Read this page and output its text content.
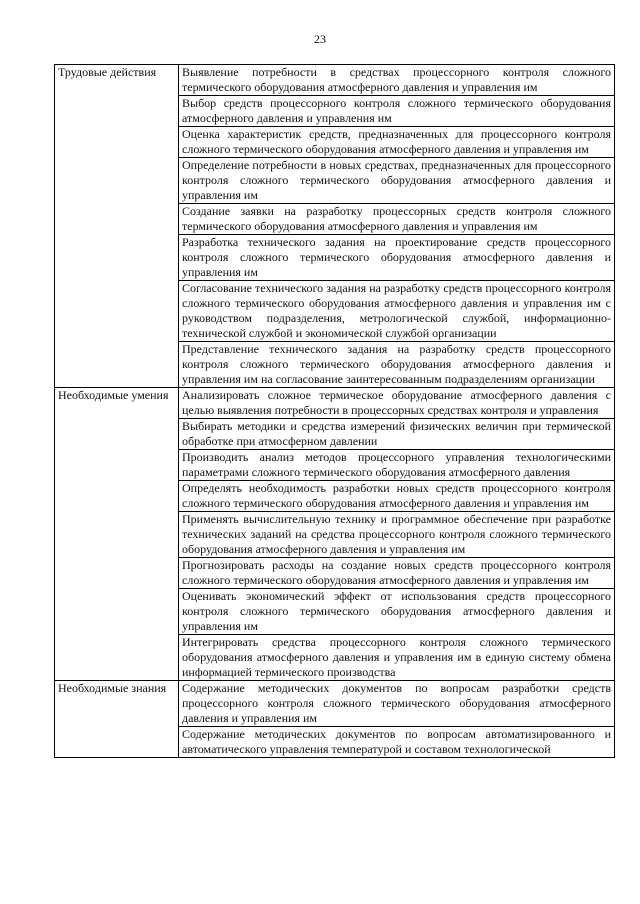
23
Трудовые действия	Выявление потребности в средствах процессорного контроля сложного термического оборудования атмосферного давления и управления им
	Выбор средств процессорного контроля сложного термического оборудования атмосферного давления и управления им
	Оценка характеристик средств, предназначенных для процессорного контроля сложного термического оборудования атмосферного давления и управления им
	Определение потребности в новых средствах, предназначенных для процессорного контроля сложного термического оборудования атмосферного давления и управления им
	Создание заявки на разработку процессорных средств контроля сложного термического оборудования атмосферного давления и управления им
	Разработка технического задания на проектирование средств процессорного контроля сложного термического оборудования атмосферного давления и управления им
	Согласование технического задания на разработку средств процессорного контроля сложного термического оборудования атмосферного давления и управления им с руководством подразделения, метрологической службой, информационно-технической службой и экономической службой организации
	Представление технического задания на разработку средств процессорного контроля сложного термического оборудования атмосферного давления и управления им на согласование заинтересованным подразделениям организации
Необходимые умения	Анализировать сложное термическое оборудование атмосферного давления с целью выявления потребности в процессорных средствах контроля и управления
	Выбирать методики и средства измерений физических величин при термической обработке при атмосферном давлении
	Производить анализ методов процессорного управления технологическими параметрами сложного термического оборудования атмосферного давления
	Определять необходимость разработки новых средств процессорного контроля сложного термического оборудования атмосферного давления и управления им
	Применять вычислительную технику и программное обеспечение при разработке технических заданий на средства процессорного контроля сложного термического оборудования атмосферного давления и управления им
	Прогнозировать расходы на создание новых средств процессорного контроля сложного термического оборудования атмосферного давления и управления им
	Оценивать экономический эффект от использования средств процессорного контроля сложного термического оборудования атмосферного давления и управления им
	Интегрировать средства процессорного контроля сложного термического оборудования атмосферного давления и управления им в единую систему обмена информацией термического производства
Необходимые знания	Содержание методических документов по вопросам разработки средств процессорного контроля сложного термического оборудования атмосферного давления и управления им
	Содержание методических документов по вопросам автоматизированного и автоматического управления температурой и составом технологической
